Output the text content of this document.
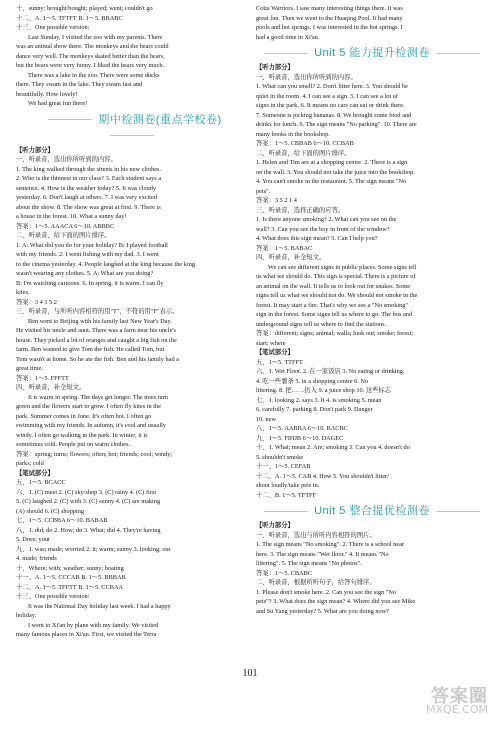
十、sunny; brought/bought; played; went; couldn't go
十二、A. 1～5. TFTFT B. 1～5. BBABC
十三、One possible version:
Last Sunday, I visited the zoo with my parents. There
was an animal show there. The monkeys and the bears could
dance very well. The monkeys skated better than the bears,
but the bears were very funny. I liked the bears very much.
There was a lake in the zoo. There were some ducks
there. They swam in the lake. They swam fast and
beautifully. How lovely!
We had great fun there!
期中检测卷(重点学校卷)
【听力部分】
一、听录音，选出你所听到的内容。
1. The king walked through the streets in his new clothes.
2. Who is the thinnest in our class? 3. Each student says a
sentence. 4. How is the weather today? 5. It was cloudy
yesterday. 6. Don't laugh at others. 7. I was very excited
about the show. 8. The show was great at first. 9. There is
a house in the forest. 10. What a sunny day!
答案：1～5. AAACA 6～10. ABBBC
二、听录音，给下面的图片排序。
1. A: What did you do for your holiday? B: I played football
with my friends. 2. I went fishing with my dad. 3. I went
to the cinema yesterday. 4. People laughed at the king because the king
wasn't wearing any clothes. 5. A: What are you doing?
B: I'm watching cartoons. 6. In spring, it is warm. I can fly
kites.
答案：3 4 1 5 2
三、听录音，与所听内容相符的用"T"，不符的用"F"表示。
Ben went to Beijing with his family last New Year's Day.
He visited his uncle and aunt. There was a farm near his uncle's
house. They picked a lot of oranges and caught a big fish on the
farm. Ben wanted to give Tom the fish. He called Tom, but
Tom wasn't at home. So he ate the fish. Ben and his family had a
great time.
答案：1～5. FFFTT
四、听录音，补全短文。
It is warm in spring. The days get longer. The trees turn
green and the flowers start to grow. I often fly kites in the
park. Summer comes in June. It's often hot. I often go
swimming with my friends. In autumn, it's cool and usually
windy. I often go walking in the park. In winter, it is
sometimes cold. People put on warm clothes.
答案：spring; turns; flowers; often; hot; friends; cool; windy;
parks; cold
【笔试部分】
五、1～5. BCACC
六、1. (C) meet 2. (C) sky/shop 3. (C) rainy 4. (C) first
5. (C) laughed 2. (C) with 3. (C) sunny 4. (C) are making
(A) should 6. (C) shopping
七、1～5. CCBBA 6～10. BABAB
八、1. did; do 2. How; do 3. What; did 4. They're having
5. Does; your
九、1. was; made; worried 2. it; warm; sunny 3. looking; out
4. made; friends
十、Where; with; weather; sunny; boating
十一、A. 1～5. CCCAB B. 1～5. BBBAB
十二、A. 1～5. TFFTT B. 1～5. CCBAA
十三、One possible version:
It was the National Day holiday last week. I had a happy
holiday.
I went to Xi'an by plane with my family. We visited
many famous places in Xi'an. First, we visited the Terra
Cotta Warriors. I saw many interesting things there. It was
great fun. Then we went to the Huaqing Pool. It had many
pools and hot springs. I was interested in the hot springs. I
had a good time in Xi'an.
Unit 5 能力提升检测卷
【听力部分】
一、听录音，选出你所听到的内容。
1. What can you smell? 2. Don't litter here. 3. You should be
quiet in the room. 4. I can see a sign. 5. I can see a lot of
signs in the park. 6. It means no cars can eat or drink there.
7. Someone is picking bananas. 8. We brought some food and
drinks for lunch. 9. The sign means "No parking". 10. There are
many books in the bookshop.
答案：1～5. CBBAB 6～10. CCBAB
二、听录音，给下面的图片排序。
1. Helen and Tim are at a shopping centre. 2. There is a sign
on the wall. 3. You should not take the juice into the bookshop.
4. You can't smoke in the restaurant. 5. The sign means "No
pets".
答案：3 5 2 1 4
三、听录音，选择正确的应答。
1. Is there anyone smoking? 2. What can you see on the
wall? 3. Can you see the boy in front of the window?
4. What does this sign mean? 5. Can I help you?
答案：1～5. BABAC
四、听录音，补全短文。
We can see different signs in public places. Some signs tell
us what we should do. This sign is special. There is a picture of
an animal on the wall. It tells us to look out for snakes. Some
signs tell us what we should not do. We should not smoke in the
forest. It may start a fire. That's why we see a "No smoking"
sign in the forest. Some signs tell us where to go. The bus and
underground signs tell us where to find the stations.
答案：different; signs; animal; walls; look out; smoke; forest;
start; where
【笔试部分】
五、1～5. TTFFT
六、1. Wet Floor. 2. 在一家饭店 3. No eating or drinking.
4. 吃一些薯条 5. in a shopping centre 6. No
littering. 8. 把……扔入 9. a juice shop 10. 这些标志
七、1. looking 2. says 3. It 4. is smoking 5. mean
6. carefully 7. parking 8. Don't park 9. Danger
10. new
八、1～5. AABBA 6～10. BACBC
九、1～5. FIHJB 6～10. DAGEC
十、1. What; mean 2. Are; smoking 3. Can you 4. doesn't do
5. shouldn't smoke
十一、1～5. CEFAB
十二、A. 1～5. CAB 4. How 5. You shouldn't litter/
shout loudly/take pets in.
十二、B. 1～5. TFTFF
Unit 5 整合提优检测卷
【听力部分】
一、听录音，选出与所听内容相符的图片。
1. The sign means "No smoking". 2. There is a school near
here. 3. The sign means "Wet floor." 4. It means "No
littering". 5. The sign means "No photos".
答案：1～5. CBABC
二、听录音，根据所听句子，给答句排序。
1. Please don't smoke here. 2. Can you see the sign "No
pets"? 3. What does the sign mean? 4. Where did you see Mike
and Su Yang yesterday? 5. What are you doing now?
101
答案圈
MXQE.COM
